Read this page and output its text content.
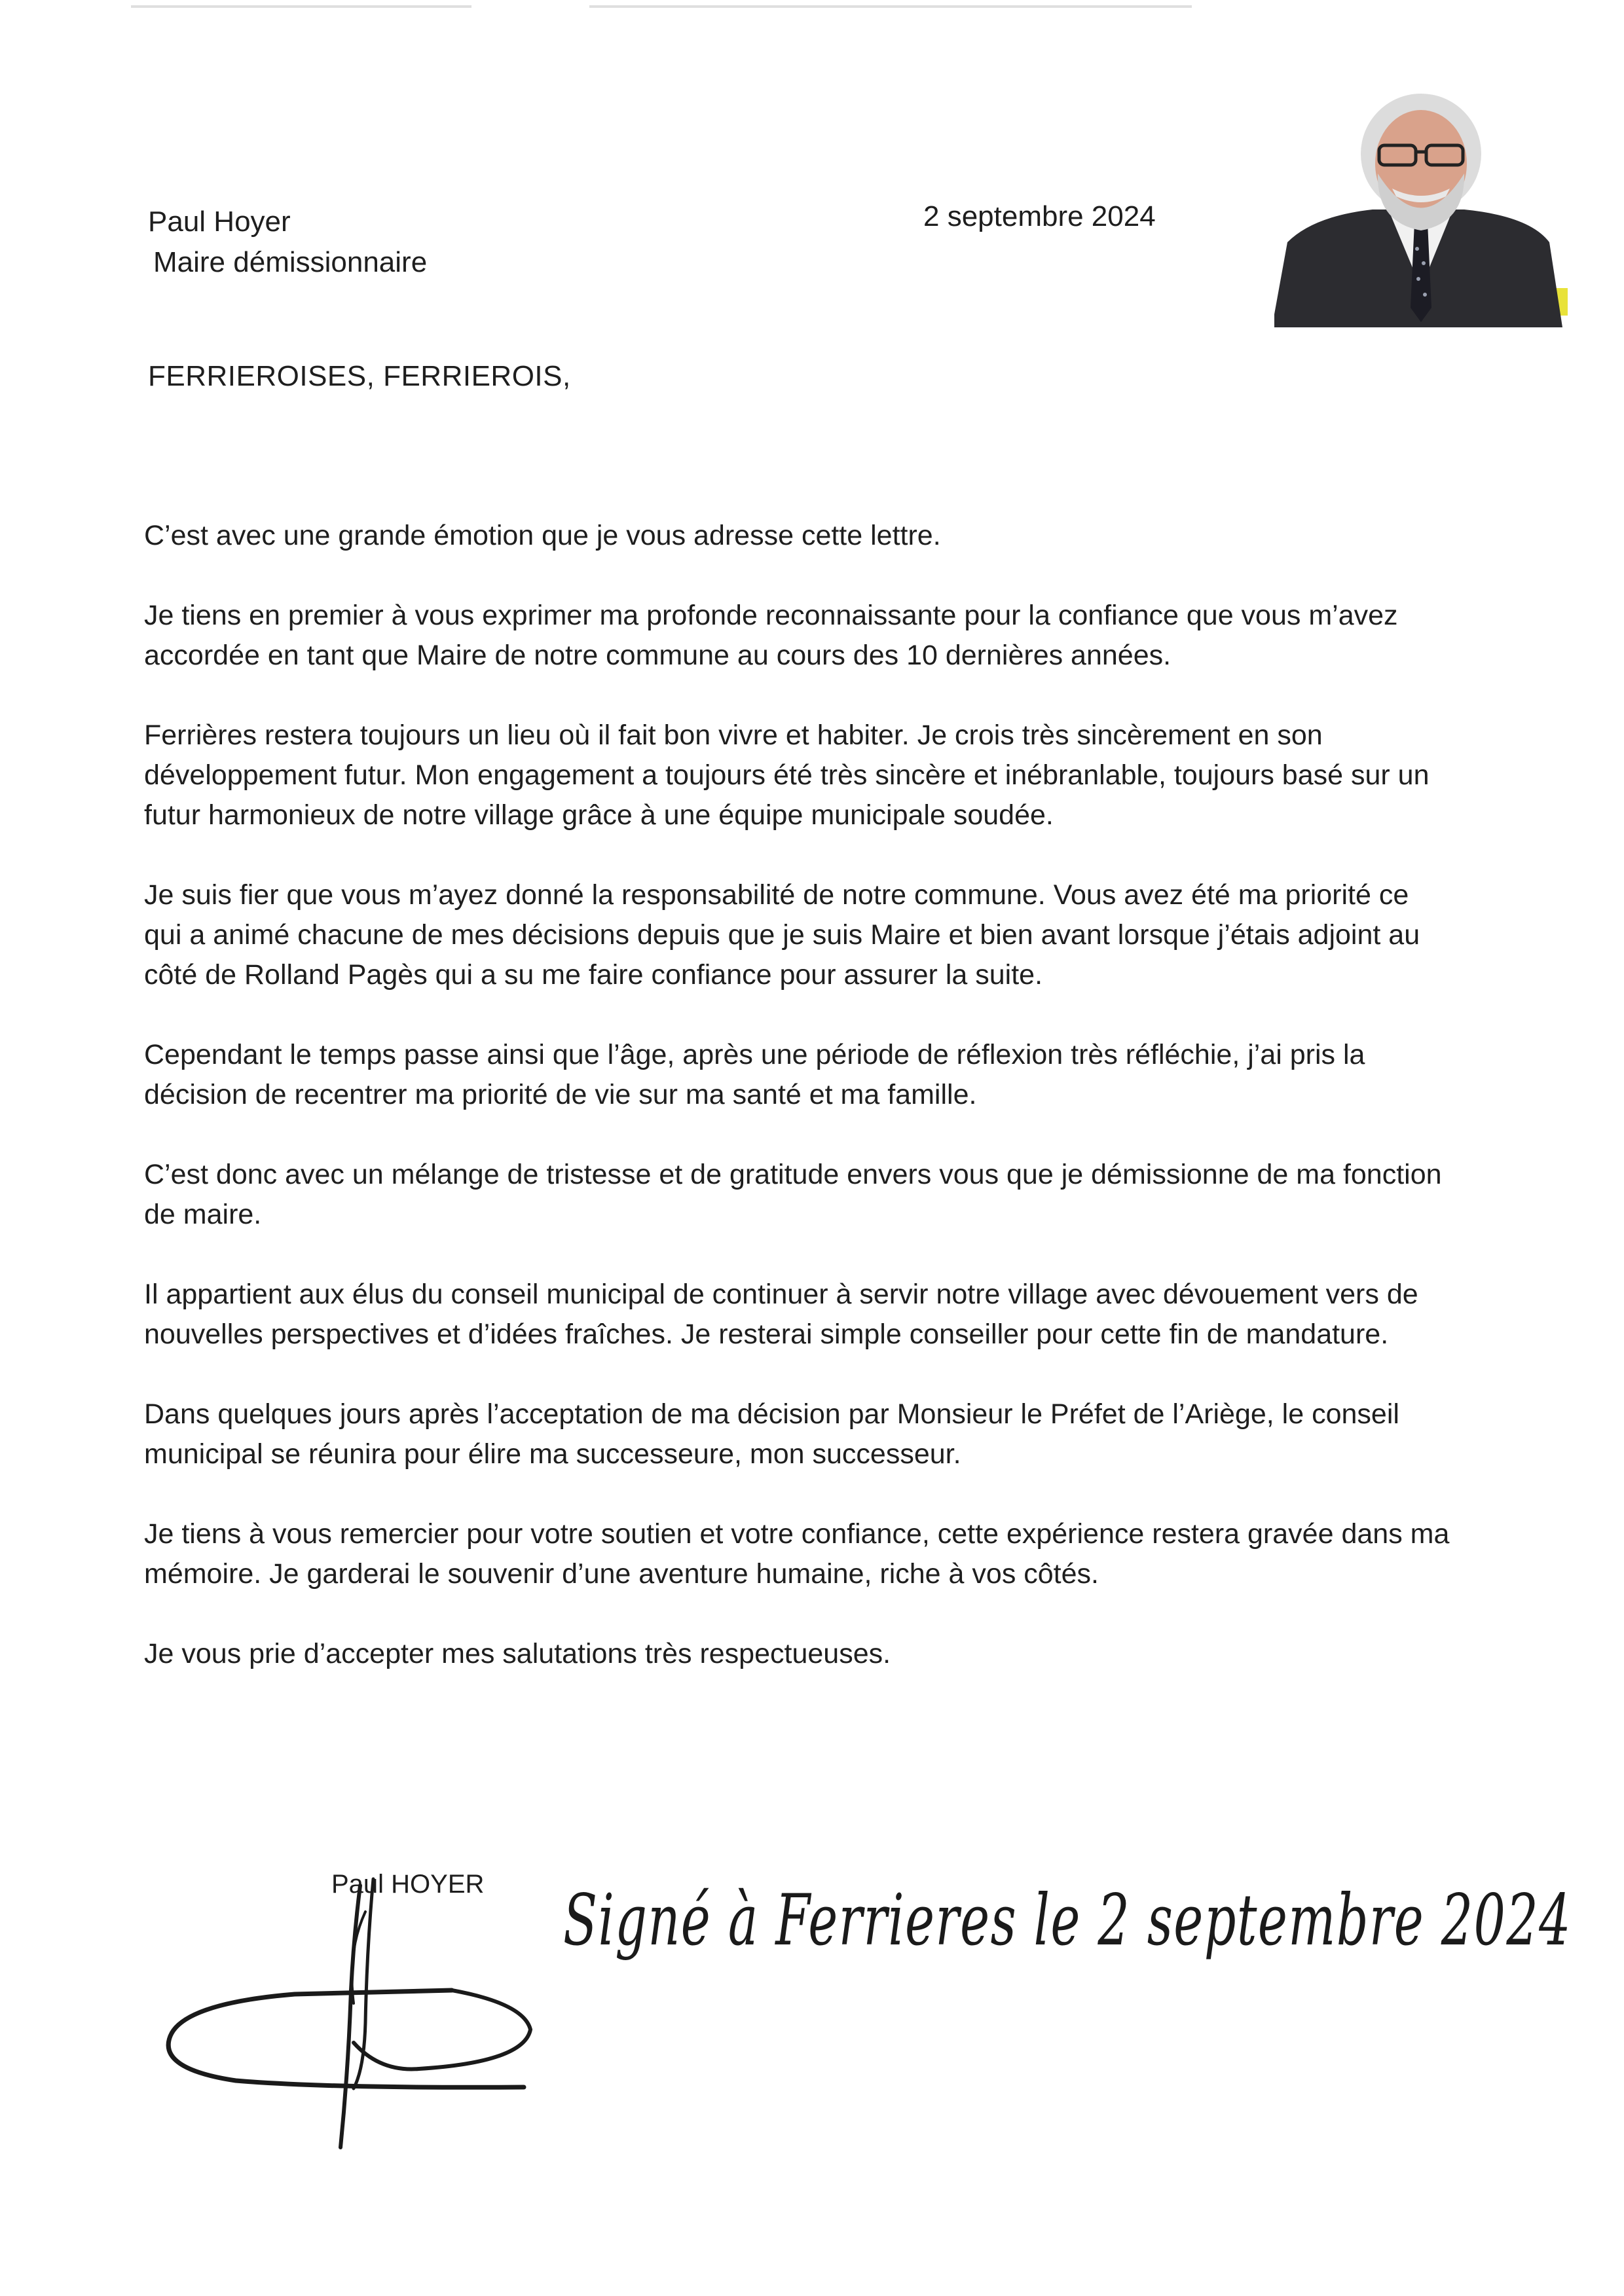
Paul Hoyer
Maire démissionnaire
2 septembre 2024
FERRIEROISES, FERRIEROIS,

C’est avec une grande émotion que je vous adresse cette lettre.

Je tiens en premier à vous exprimer ma profonde reconnaissante pour la confiance que vous m’avez accordée en tant que Maire de notre commune au cours des 10 dernières années.

Ferrières restera toujours un lieu où il fait bon vivre et habiter. Je crois très sincèrement en son développement futur. Mon engagement a toujours été très sincère et inébranlable, toujours basé sur un futur harmonieux de notre village grâce à une équipe municipale soudée.

Je suis fier que vous m’ayez donné la responsabilité de notre commune. Vous avez été ma priorité ce qui a animé chacune de mes décisions depuis que je suis Maire et bien avant lorsque j’étais adjoint au côté de Rolland Pagès qui a su me faire confiance pour assurer la suite.

Cependant le temps passe ainsi que l’âge, après une période de réflexion très réfléchie, j’ai pris la décision de recentrer ma priorité de vie sur ma santé et ma famille.

C’est donc avec un mélange de tristesse et de gratitude envers vous que je démissionne de ma fonction de maire.

Il appartient aux élus du conseil municipal de continuer à servir notre village avec dévouement vers de nouvelles perspectives et d’idées fraîches. Je resterai simple conseiller pour cette fin de mandature.

Dans quelques jours après l’acceptation de ma décision par Monsieur le Préfet de l’Ariège, le conseil municipal se réunira pour élire ma successeure, mon successeur.

Je tiens à vous remercier pour votre soutien et votre confiance, cette expérience restera gravée dans ma mémoire. Je garderai le souvenir d’une aventure humaine, riche à vos côtés.

Je vous prie d’accepter mes salutations très respectueuses.

Paul HOYER Signé à Ferrieres le 2 septembre 2024
